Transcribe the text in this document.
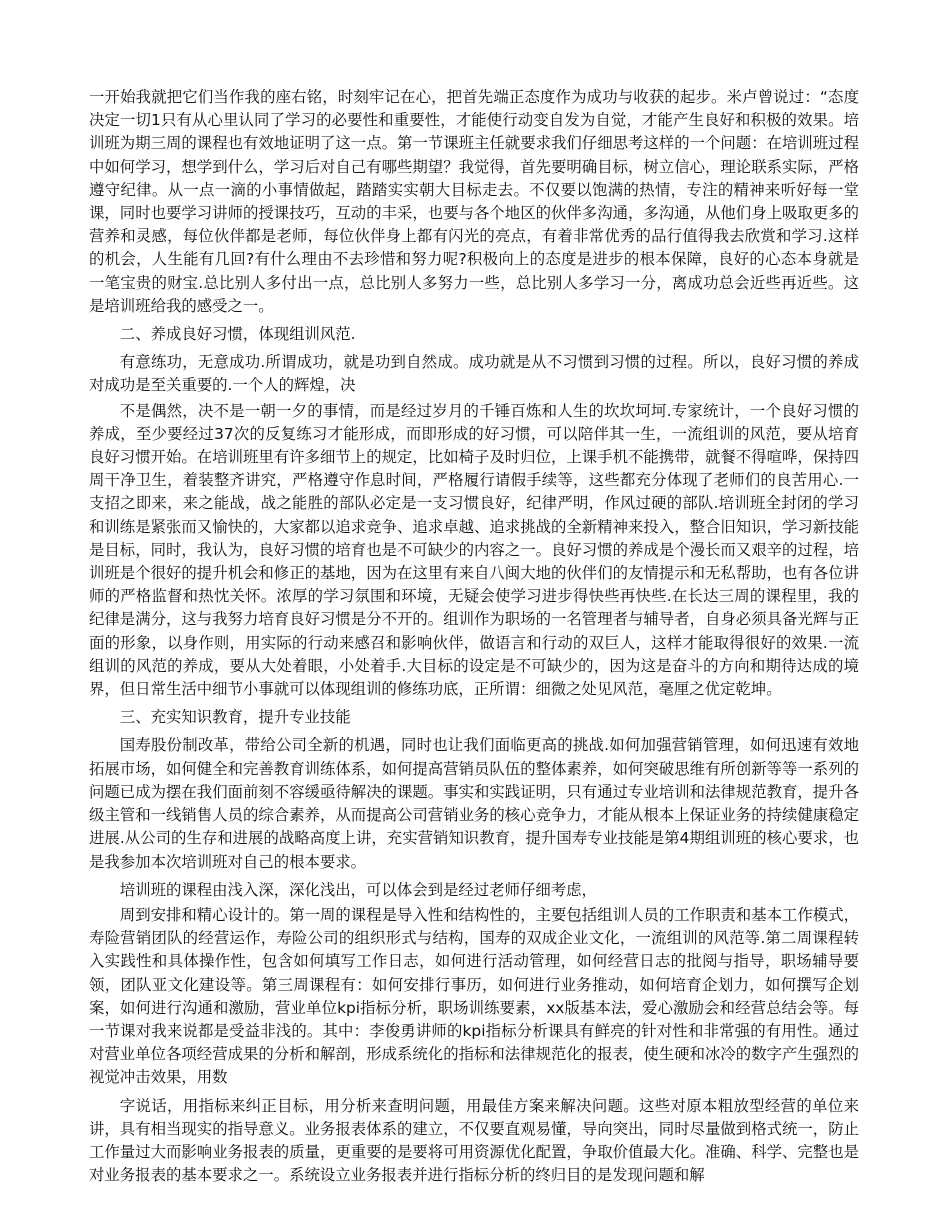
一开始我就把它们当作我的座右铭，时刻牢记在心，把首先端正态度作为成功与收获的起步。米卢曾说过：“态度决定一切1只有从心里认同了学习的必要性和重要性，才能使行动变自发为自觉，才能产生良好和积极的效果。培训班为期三周的课程也有效地证明了这一点。第一节课班主任就要求我们仔细思考这样的一个问题：在培训班过程中如何学习，想学到什么，学习后对自己有哪些期望？我觉得，首先要明确目标，树立信心，理论联系实际，严格遵守纪律。从一点一滴的小事情做起，踏踏实实朝大目标走去。不仅要以饱满的热情，专注的精神来听好每一堂课，同时也要学习讲师的授课技巧，互动的丰采，也要与各个地区的伙伴多沟通，多沟通，从他们身上吸取更多的营养和灵感，每位伙伴都是老师，每位伙伴身上都有闪光的亮点，有着非常优秀的品行值得我去欣赏和学习.这样的机会，人生能有几回?有什么理由不去珍惜和努力呢?积极向上的态度是进步的根本保障，良好的心态本身就是一笔宝贵的财宝.总比别人多付出一点，总比别人多努力一些，总比别人多学习一分，离成功总会近些再近些。这是培训班给我的感受之一。

二、养成良好习惯，体现组训风范.

有意练功，无意成功.所谓成功，就是功到自然成。成功就是从不习惯到习惯的过程。所以，良好习惯的养成对成功是至关重要的.一个人的辉煌，决

不是偶然，决不是一朝一夕的事情，而是经过岁月的千锤百炼和人生的坎坎坷坷.专家统计，一个良好习惯的养成，至少要经过37次的反复练习才能形成，而即形成的好习惯，可以陪伴其一生，一流组训的风范，要从培育良好习惯开始。在培训班里有许多细节上的规定，比如椅子及时归位，上课手机不能携带，就餐不得喧哗，保持四周干净卫生，着装整齐讲究，严格遵守作息时间，严格履行请假手续等，这些都充分体现了老师们的良苦用心.一支招之即来，来之能战，战之能胜的部队必定是一支习惯良好，纪律严明，作风过硬的部队.培训班全封闭的学习和训练是紧张而又愉快的，大家都以追求竞争、追求卓越、追求挑战的全新精神来投入，整合旧知识，学习新技能是目标，同时，我认为，良好习惯的培育也是不可缺少的内容之一。良好习惯的养成是个漫长而又艰辛的过程，培训班是个很好的提升机会和修正的基地，因为在这里有来自八闽大地的伙伴们的友情提示和无私帮助，也有各位讲师的严格监督和热忱关怀。浓厚的学习氛围和环境，无疑会使学习进步得快些再快些.在长达三周的课程里，我的纪律是满分，这与我努力培育良好习惯是分不开的。组训作为职场的一名管理者与辅导者，自身必须具备光辉与正面的形象，以身作则，用实际的行动来感召和影响伙伴，做语言和行动的双巨人，这样才能取得很好的效果.一流组训的风范的养成，要从大处着眼，小处着手.大目标的设定是不可缺少的，因为这是奋斗的方向和期待达成的境界，但日常生活中细节小事就可以体现组训的修练功底，正所谓：细微之处见风范，毫厘之优定乾坤。

三、充实知识教育，提升专业技能

国寿股份制改革，带给公司全新的机遇，同时也让我们面临更高的挑战.如何加强营销管理，如何迅速有效地拓展市场，如何健全和完善教育训练体系，如何提高营销员队伍的整体素养，如何突破思维有所创新等等一系列的问题已成为摆在我们面前刻不容缓亟待解决的课题。事实和实践证明，只有通过专业培训和法律规范教育，提升各级主管和一线销售人员的综合素养，从而提高公司营销业务的核心竞争力，才能从根本上保证业务的持续健康稳定进展.从公司的生存和进展的战略高度上讲，充实营销知识教育，提升国寿专业技能是第4期组训班的核心要求，也是我参加本次培训班对自己的根本要求。

培训班的课程由浅入深，深化浅出，可以体会到是经过老师仔细考虑，

周到安排和精心设计的。第一周的课程是导入性和结构性的，主要包括组训人员的工作职责和基本工作模式，寿险营销团队的经营运作，寿险公司的组织形式与结构，国寿的双成企业文化，一流组训的风范等.第二周课程转入实践性和具体操作性，包含如何填写工作日志，如何进行活动管理，如何经营日志的批阅与指导，职场辅导要领，团队亚文化建设等。第三周课程有：如何安排行事历，如何进行业务推动，如何培育企划力，如何撰写企划案，如何进行沟通和激励，营业单位kpi指标分析，职场训练要素，xx版基本法，爱心激励会和经营总结会等。每一节课对我来说都是受益非浅的。其中：李俊勇讲师的kpi指标分析课具有鲜亮的针对性和非常强的有用性。通过对营业单位各项经营成果的分析和解剖，形成系统化的指标和法律规范化的报表，使生硬和冰冷的数字产生强烈的视觉冲击效果，用数

字说话，用指标来纠正目标，用分析来查明问题，用最佳方案来解决问题。这些对原本粗放型经营的单位来讲，具有相当现实的指导意义。业务报表体系的建立，不仅要直观易懂，导向突出，同时尽量做到格式统一，防止工作量过大而影响业务报表的质量，更重要的是要将可用资源优化配置，争取价值最大化。准确、科学、完整也是对业务报表的基本要求之一。系统设立业务报表并进行指标分析的终归目的是发现问题和解
